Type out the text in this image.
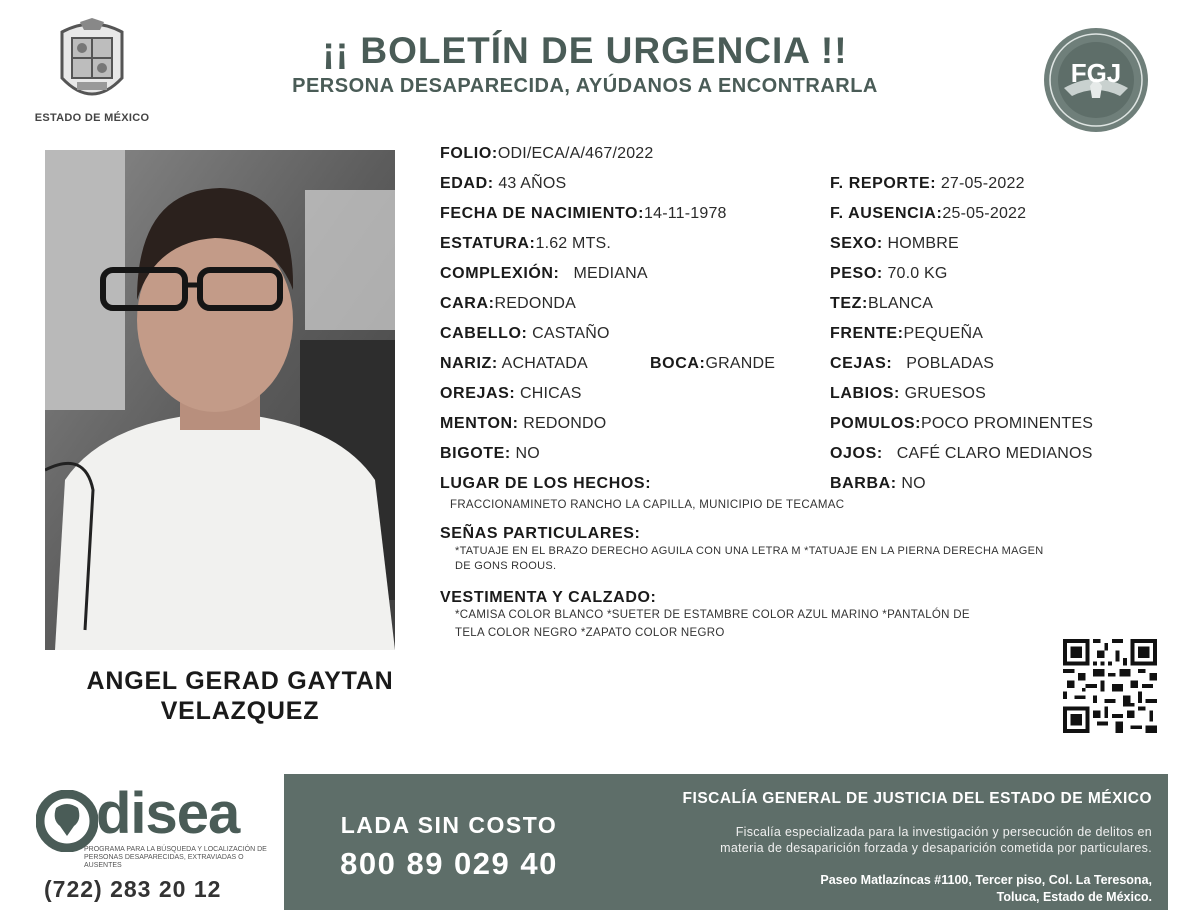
ESTADO DE MÉXICO
¡¡ BOLETÍN DE URGENCIA !!
PERSONA DESAPARECIDA, AYÚDANOS A ENCONTRARLA	FGJ
ANGEL GERAD GAYTAN
VELAZQUEZ
FOLIO:ODI/ECA/A/467/2022
EDAD: 43 AÑOS
FECHA DE NACIMIENTO:14-11-1978
ESTATURA:1.62 MTS.
COMPLEXIÓN: MEDIANA
CARA:REDONDA
CABELLO: CASTAÑO
NARIZ: ACHATADA	BOCA:GRANDE
OREJAS: CHICAS
MENTON: REDONDO
BIGOTE: NO
LUGAR DE LOS HECHOS:
FRACCIONAMINETO RANCHO LA CAPILLA, MUNICIPIO DE TECAMAC
F. REPORTE: 27-05-2022
F. AUSENCIA:25-05-2022
SEXO: HOMBRE
PESO: 70.0 KG
TEZ:BLANCA
FRENTE:PEQUEÑA
CEJAS: POBLADAS
LABIOS: GRUESOS
POMULOS:POCO PROMINENTES
OJOS: CAFÉ CLARO MEDIANOS
BARBA: NO
SEÑAS PARTICULARES:
*TATUAJE EN EL BRAZO DERECHO AGUILA CON UNA LETRA M *TATUAJE EN LA PIERNA DERECHA MAGEN
DE GONS ROOUS.
VESTIMENTA Y CALZADO:
*CAMISA COLOR BLANCO *SUETER DE ESTAMBRE COLOR AZUL MARINO *PANTALÓN DE
TELA COLOR NEGRO *ZAPATO COLOR NEGRO
disea
PROGRAMA PARA LA BÚSQUEDA Y LOCALIZACIÓN DE PERSONAS DESAPARECIDAS, EXTRAVIADAS O AUSENTES
(722) 283 20 12
LADA SIN COSTO
800 89 029 40
FISCALÍA GENERAL DE JUSTICIA DEL ESTADO DE MÉXICO
Fiscalía especializada para la investigación y persecución de delitos en
materia de desaparición forzada y desaparición cometida por particulares.
Paseo Matlazíncas #1100, Tercer piso, Col. La Teresona,
Toluca, Estado de México.
